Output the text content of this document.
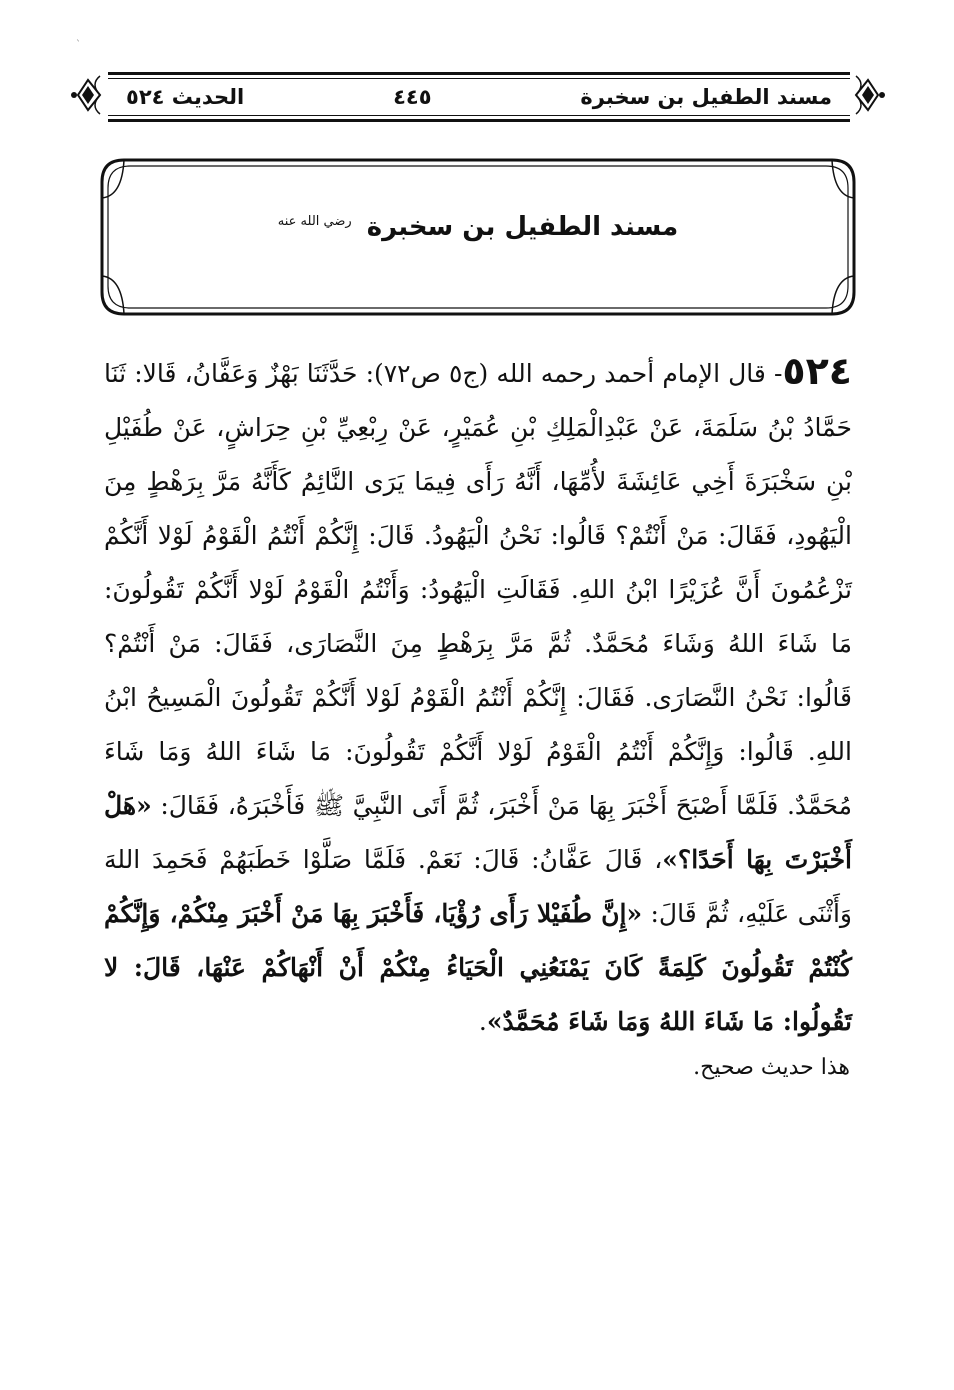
`
مسند الطفيل بن سخبرة
٤٤٥
الحديث ٥٢٤
مسند الطفيل بن سخبرة $^{رضي الله عنه}$

٥٢٤- قال الإمام أحمد رحمه الله (ج٥ ص٧٢): حَدَّثَنَا بَهْزٌ وَعَفَّانُ، قَالا: ثَنَا حَمَّادُ بْنُ سَلَمَةَ، عَنْ عَبْدِالْمَلِكِ بْنِ عُمَيْرٍ، عَنْ رِبْعِيِّ بْنِ حِرَاشٍ، عَنْ طُفَيْلِ بْنِ سَخْبَرَةَ أَخِي عَائِشَةَ لأُمِّهَا، أَنَّهُ رَأَى فِيمَا يَرَى النَّائِمُ كَأَنَّهُ مَرَّ بِرَهْطٍ مِنَ الْيَهُودِ، فَقَالَ: مَنْ أَنْتُمْ؟ قَالُوا: نَحْنُ الْيَهُودُ. قَالَ: إِنَّكُمْ أَنْتُمُ الْقَوْمُ لَوْلا أَنَّكُمْ تَزْعُمُونَ أَنَّ عُزَيْرًا ابْنُ اللهِ. فَقَالَتِ الْيَهُودُ: وَأَنْتُمُ الْقَوْمُ لَوْلا أَنَّكُمْ تَقُولُونَ: مَا شَاءَ اللهُ وَشَاءَ مُحَمَّدٌ. ثُمَّ مَرَّ بِرَهْطٍ مِنَ النَّصَارَى، فَقَالَ: مَنْ أَنْتُمْ؟ قَالُوا: نَحْنُ النَّصَارَى. فَقَالَ: إِنَّكُمْ أَنْتُمُ الْقَوْمُ لَوْلا أَنَّكُمْ تَقُولُونَ الْمَسِيحُ ابْنُ اللهِ. قَالُوا: وَإِنَّكُمْ أَنْتُمُ الْقَوْمُ لَوْلا أَنَّكُمْ تَقُولُونَ: مَا شَاءَ اللهُ وَمَا شَاءَ مُحَمَّدٌ. فَلَمَّا أَصْبَحَ أَخْبَرَ بِهَا مَنْ أَخْبَرَ، ثُمَّ أَتَى النَّبِيَّ ﷺ فَأَخْبَرَهُ، فَقَالَ: «هَلْ أَخْبَرْتَ بِهَا أَحَدًا؟»، قَالَ عَفَّانُ: قَالَ: نَعَمْ. فَلَمَّا صَلَّوْا خَطَبَهُمْ فَحَمِدَ اللهَ وَأَثْنَى عَلَيْهِ، ثُمَّ قَالَ: «إِنَّ طُفَيْلا رَأَى رُؤْيَا، فَأَخْبَرَ بِهَا مَنْ أَخْبَرَ مِنْكُمْ، وَإِنَّكُمْ كُنْتُمْ تَقُولُونَ كَلِمَةً كَانَ يَمْنَعُنِي الْحَيَاءُ مِنْكُمْ أَنْ أَنْهَاكُمْ عَنْهَا، قَالَ: لا تَقُولُوا: مَا شَاءَ اللهُ وَمَا شَاءَ مُحَمَّدٌ».

هذا حديث صحيح.
